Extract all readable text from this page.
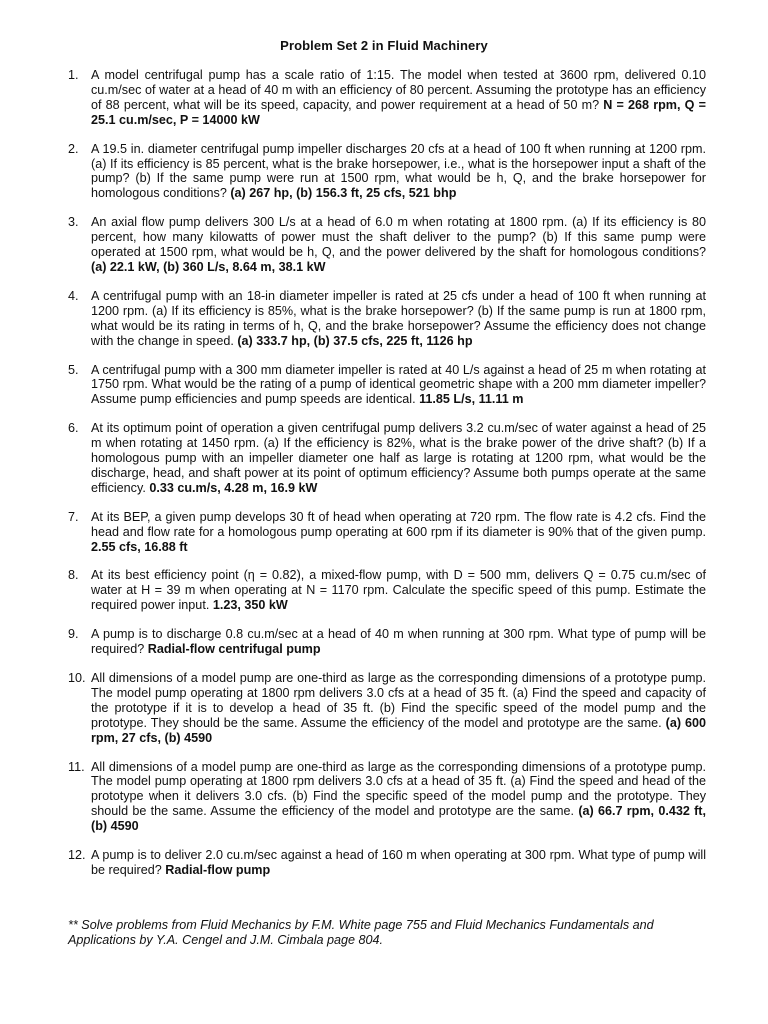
Problem Set 2 in Fluid Machinery
1. A model centrifugal pump has a scale ratio of 1:15. The model when tested at 3600 rpm, delivered 0.10 cu.m/sec of water at a head of 40 m with an efficiency of 80 percent. Assuming the prototype has an efficiency of 88 percent, what will be its speed, capacity, and power requirement at a head of 50 m? N = 268 rpm, Q = 25.1 cu.m/sec, P = 14000 kW
2. A 19.5 in. diameter centrifugal pump impeller discharges 20 cfs at a head of 100 ft when running at 1200 rpm. (a) If its efficiency is 85 percent, what is the brake horsepower, i.e., what is the horsepower input a shaft of the pump? (b) If the same pump were run at 1500 rpm, what would be h, Q, and the brake horsepower for homologous conditions? (a) 267 hp, (b) 156.3 ft, 25 cfs, 521 bhp
3. An axial flow pump delivers 300 L/s at a head of 6.0 m when rotating at 1800 rpm. (a) If its efficiency is 80 percent, how many kilowatts of power must the shaft deliver to the pump? (b) If this same pump were operated at 1500 rpm, what would be h, Q, and the power delivered by the shaft for homologous conditions? (a) 22.1 kW, (b) 360 L/s, 8.64 m, 38.1 kW
4. A centrifugal pump with an 18-in diameter impeller is rated at 25 cfs under a head of 100 ft when running at 1200 rpm. (a) If its efficiency is 85%, what is the brake horsepower? (b) If the same pump is run at 1800 rpm, what would be its rating in terms of h, Q, and the brake horsepower? Assume the efficiency does not change with the change in speed. (a) 333.7 hp, (b) 37.5 cfs, 225 ft, 1126 hp
5. A centrifugal pump with a 300 mm diameter impeller is rated at 40 L/s against a head of 25 m when rotating at 1750 rpm. What would be the rating of a pump of identical geometric shape with a 200 mm diameter impeller? Assume pump efficiencies and pump speeds are identical. 11.85 L/s, 11.11 m
6. At its optimum point of operation a given centrifugal pump delivers 3.2 cu.m/sec of water against a head of 25 m when rotating at 1450 rpm. (a) If the efficiency is 82%, what is the brake power of the drive shaft? (b) If a homologous pump with an impeller diameter one half as large is rotating at 1200 rpm, what would be the discharge, head, and shaft power at its point of optimum efficiency? Assume both pumps operate at the same efficiency. 0.33 cu.m/s, 4.28 m, 16.9 kW
7. At its BEP, a given pump develops 30 ft of head when operating at 720 rpm. The flow rate is 4.2 cfs. Find the head and flow rate for a homologous pump operating at 600 rpm if its diameter is 90% that of the given pump. 2.55 cfs, 16.88 ft
8. At its best efficiency point (η = 0.82), a mixed-flow pump, with D = 500 mm, delivers Q = 0.75 cu.m/sec of water at H = 39 m when operating at N = 1170 rpm. Calculate the specific speed of this pump. Estimate the required power input. 1.23, 350 kW
9. A pump is to discharge 0.8 cu.m/sec at a head of 40 m when running at 300 rpm. What type of pump will be required? Radial-flow centrifugal pump
10. All dimensions of a model pump are one-third as large as the corresponding dimensions of a prototype pump. The model pump operating at 1800 rpm delivers 3.0 cfs at a head of 35 ft. (a) Find the speed and capacity of the prototype if it is to develop a head of 35 ft. (b) Find the specific speed of the model pump and the prototype. They should be the same. Assume the efficiency of the model and prototype are the same. (a) 600 rpm, 27 cfs, (b) 4590
11. All dimensions of a model pump are one-third as large as the corresponding dimensions of a prototype pump. The model pump operating at 1800 rpm delivers 3.0 cfs at a head of 35 ft. (a) Find the speed and head of the prototype when it delivers 3.0 cfs. (b) Find the specific speed of the model pump and the prototype. They should be the same. Assume the efficiency of the model and prototype are the same. (a) 66.7 rpm, 0.432 ft, (b) 4590
12. A pump is to deliver 2.0 cu.m/sec against a head of 160 m when operating at 300 rpm. What type of pump will be required? Radial-flow pump
** Solve problems from Fluid Mechanics by F.M. White page 755 and Fluid Mechanics Fundamentals and Applications by Y.A. Cengel and J.M. Cimbala page 804.
